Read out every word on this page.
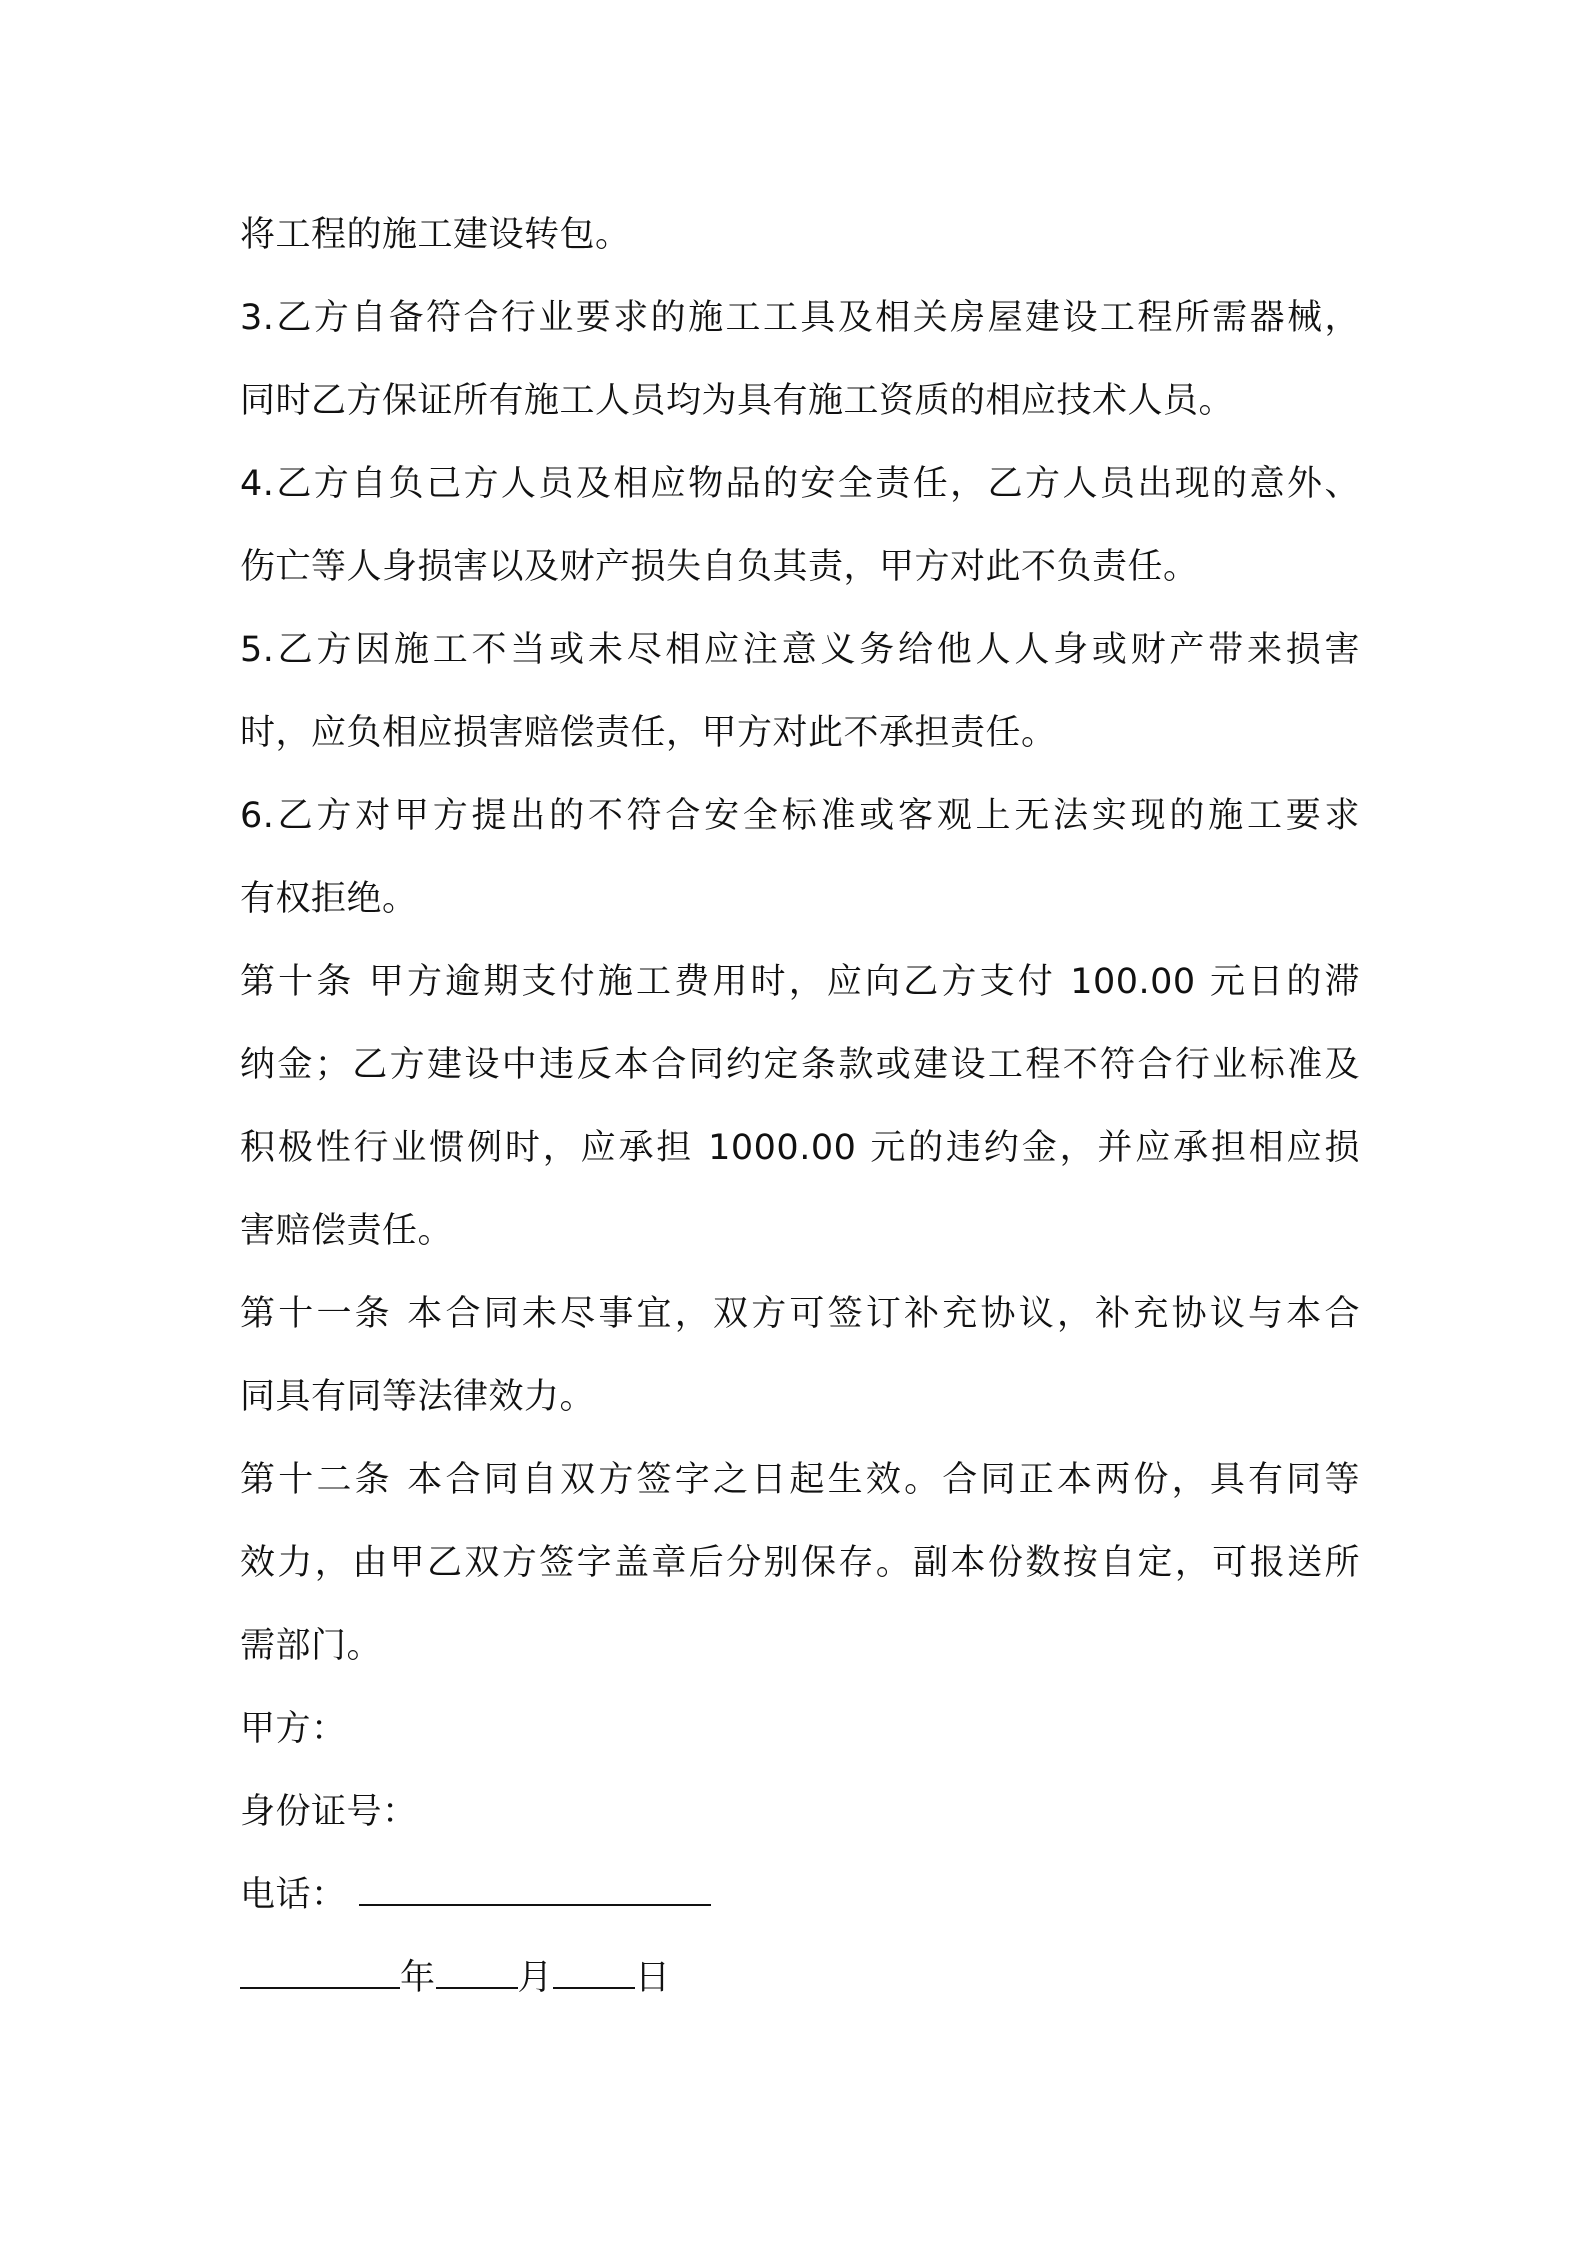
将工程的施工建设转包。
3.乙方自备符合行业要求的施工工具及相关房屋建设工程所需器械，
同时乙方保证所有施工人员均为具有施工资质的相应技术人员。
4.乙方自负己方人员及相应物品的安全责任，乙方人员出现的意外、
伤亡等人身损害以及财产损失自负其责，甲方对此不负责任。
5.乙方因施工不当或未尽相应注意义务给他人人身或财产带来损害
时，应负相应损害赔偿责任，甲方对此不承担责任。
6.乙方对甲方提出的不符合安全标准或客观上无法实现的施工要求
有权拒绝。
第十条 甲方逾期支付施工费用时，应向乙方支付 100.00 元日的滞
纳金；乙方建设中违反本合同约定条款或建设工程不符合行业标准及
积极性行业惯例时，应承担 1000.00 元的违约金，并应承担相应损
害赔偿责任。
第十一条 本合同未尽事宜，双方可签订补充协议，补充协议与本合
同具有同等法律效力。
第十二条 本合同自双方签字之日起生效。合同正本两份，具有同等
效力，由甲乙双方签字盖章后分别保存。副本份数按自定，可报送所
需部门。
甲方：
身份证号：
电话：
年 月 日
